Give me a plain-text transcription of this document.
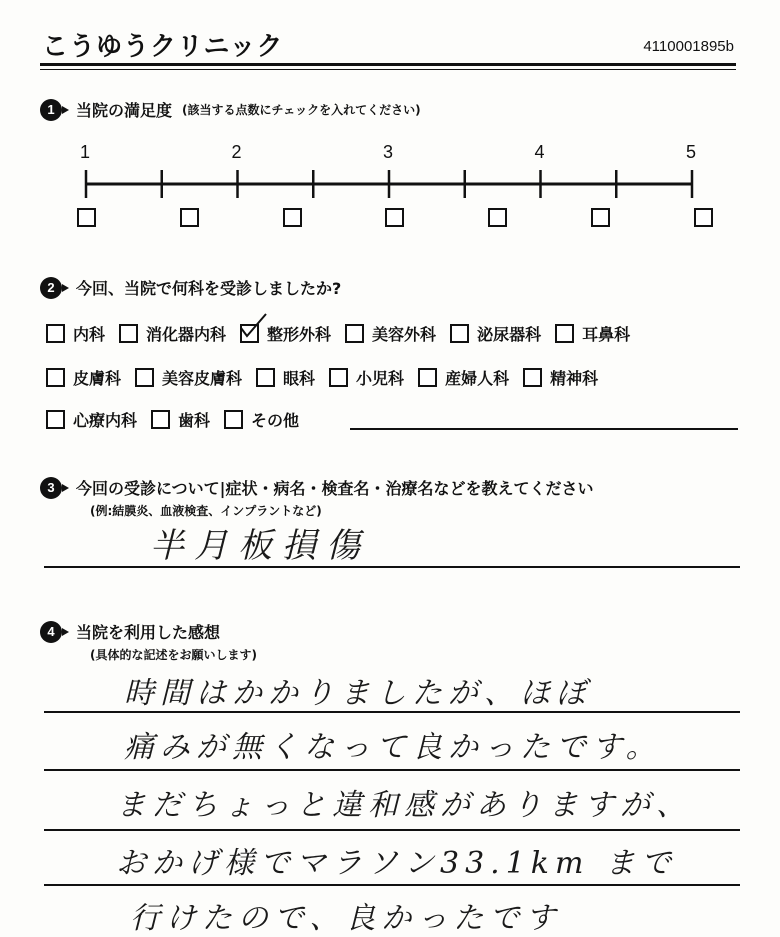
こうゆうクリニック	4110001895b
1	当院の満足度 (該当する点数にチェックを入れてください)
1	2	3	4	5
2	今回、当院で何科を受診しましたか?
内科	消化器内科	整形外科	美容外科	泌尿器科	耳鼻科
皮膚科	美容皮膚科	眼科	小児科	産婦人科	精神科
心療内科	歯科	その他
3	今回の受診について|症状・病名・検査名・治療名などを教えてください
(例:結膜炎、血液検査、インプラントなど)
半月板損傷
4	当院を利用した感想
(具体的な記述をお願いします)
時間はかかりましたが、ほぼ
痛みが無くなって良かったです。
まだちょっと違和感がありますが、
おかげ様でマラソン33.1km まで
行けたので、良かったです
